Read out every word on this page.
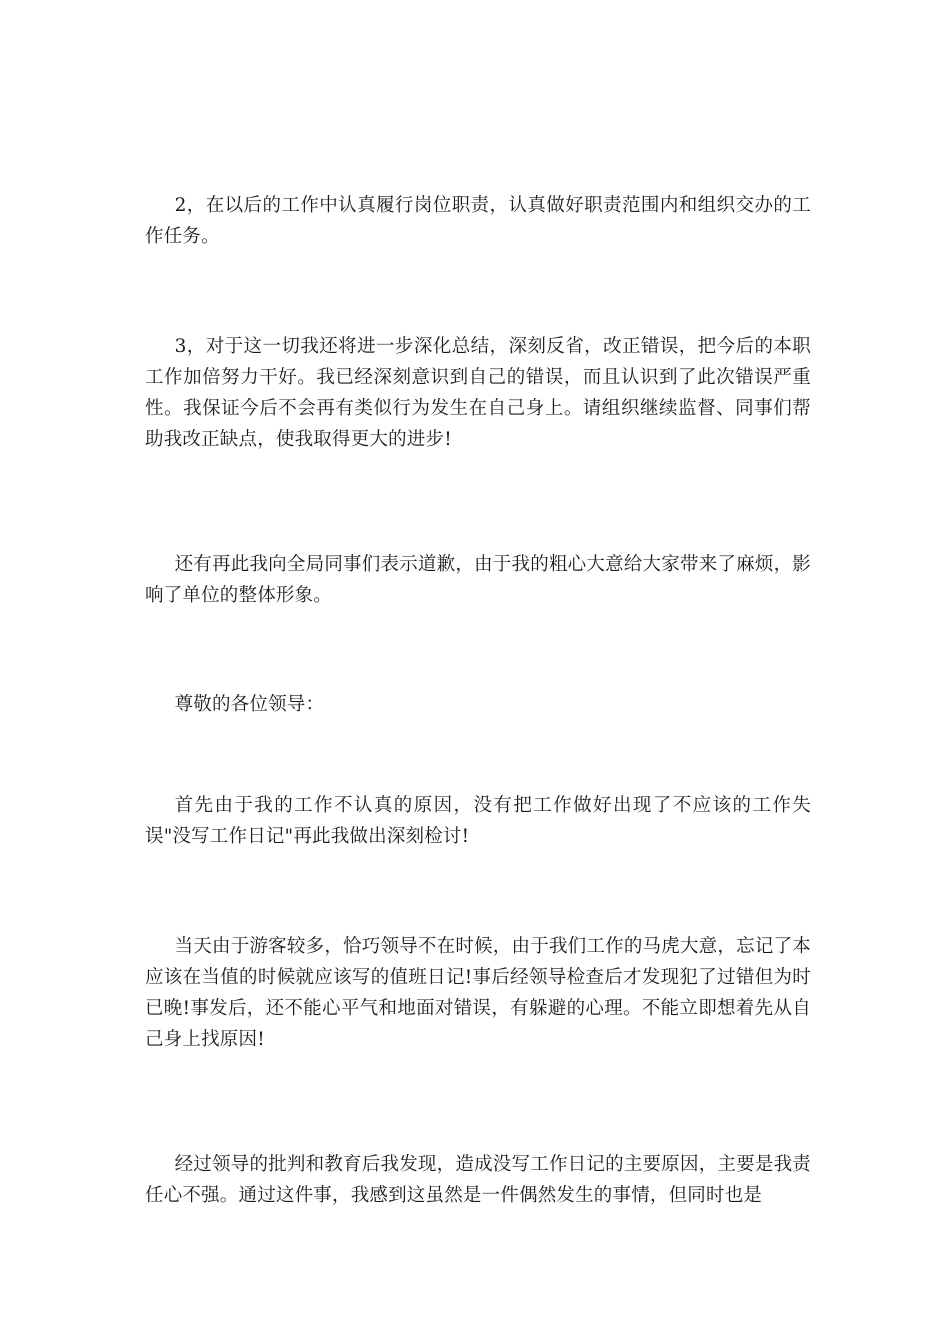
2，在以后的工作中认真履行岗位职责，认真做好职责范围内和组织交办的工作任务。

3，对于这一切我还将进一步深化总结，深刻反省，改正错误，把今后的本职工作加倍努力干好。我已经深刻意识到自己的错误，而且认识到了此次错误严重性。我保证今后不会再有类似行为发生在自己身上。请组织继续监督、同事们帮助我改正缺点，使我取得更大的进步!

还有再此我向全局同事们表示道歉，由于我的粗心大意给大家带来了麻烦，影响了单位的整体形象。

尊敬的各位领导：

首先由于我的工作不认真的原因，没有把工作做好出现了不应该的工作失误"没写工作日记"再此我做出深刻检讨!

当天由于游客较多，恰巧领导不在时候，由于我们工作的马虎大意，忘记了本应该在当值的时候就应该写的值班日记!事后经领导检查后才发现犯了过错但为时已晚!事发后，还不能心平气和地面对错误，有躲避的心理。不能立即想着先从自己身上找原因!

经过领导的批判和教育后我发现，造成没写工作日记的主要原因，主要是我责任心不强。通过这件事，我感到这虽然是一件偶然发生的事情，但同时也是
